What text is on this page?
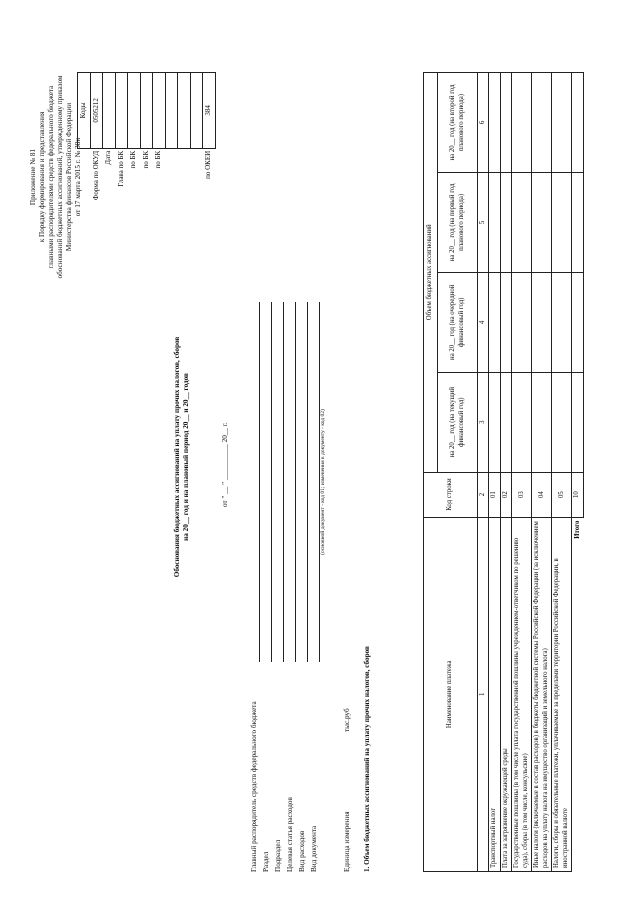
Приложение № 81 к Порядку формирования и представления главными распорядителями средств федерального бюджета обоснований бюджетных ассигнований, утвержденному приказом Министерства финансов Российской Федерации от 17 марта 2015 г. № 38н
Обоснования бюджетных ассигнований на уплату прочих налогов, сборов на 20__ год и на плановый период 20__ и 20__ годов	от " __ " __________ 20__ г.
	Коды
Форма по ОКУД	0505212
Дата	
Глава по БК	
по БК	
по БК	
по БК	

по ОКЕИ	384
Главный распорядитель средств федерального бюджета Раздел Подраздел Целевая статья расходов Вид расходов Вид документа
(основной документ - код 01; изменения к документу - код 02)
Единица измерения
тыс.руб 1. Объем бюджетных ассигнований на уплату прочих налогов, сборов	Наименование платежа	Код строки	Объем бюджетных ассигнований			
		на 20__ год (на текущий финансовый год)	на 20__ год (на очередной финансовый год)	на 20__ год (на первый год планового периода)	на 20__ год (на второй год планового периода)
1	2	3	4	5	6
Транспортный налог	01				
Плата за загрязнение окружающей среды	02				
Государственные пошлины (в том числе уплата государственной пошлины учреждением-ответчиком по решению суда), сборы (в том числе, консульские)	03				
Иные налоги (включаемые в состав расходов) в бюджеты бюджетной системы Российской Федерации (за исключением расходов на уплату налога на имущество организаций и земельного налога)	04				
Налоги, сборы и обязательные платежи, уплачиваемые за пределами территории Российской Федерации, в иностранной валюте	05				
Итого	10				
